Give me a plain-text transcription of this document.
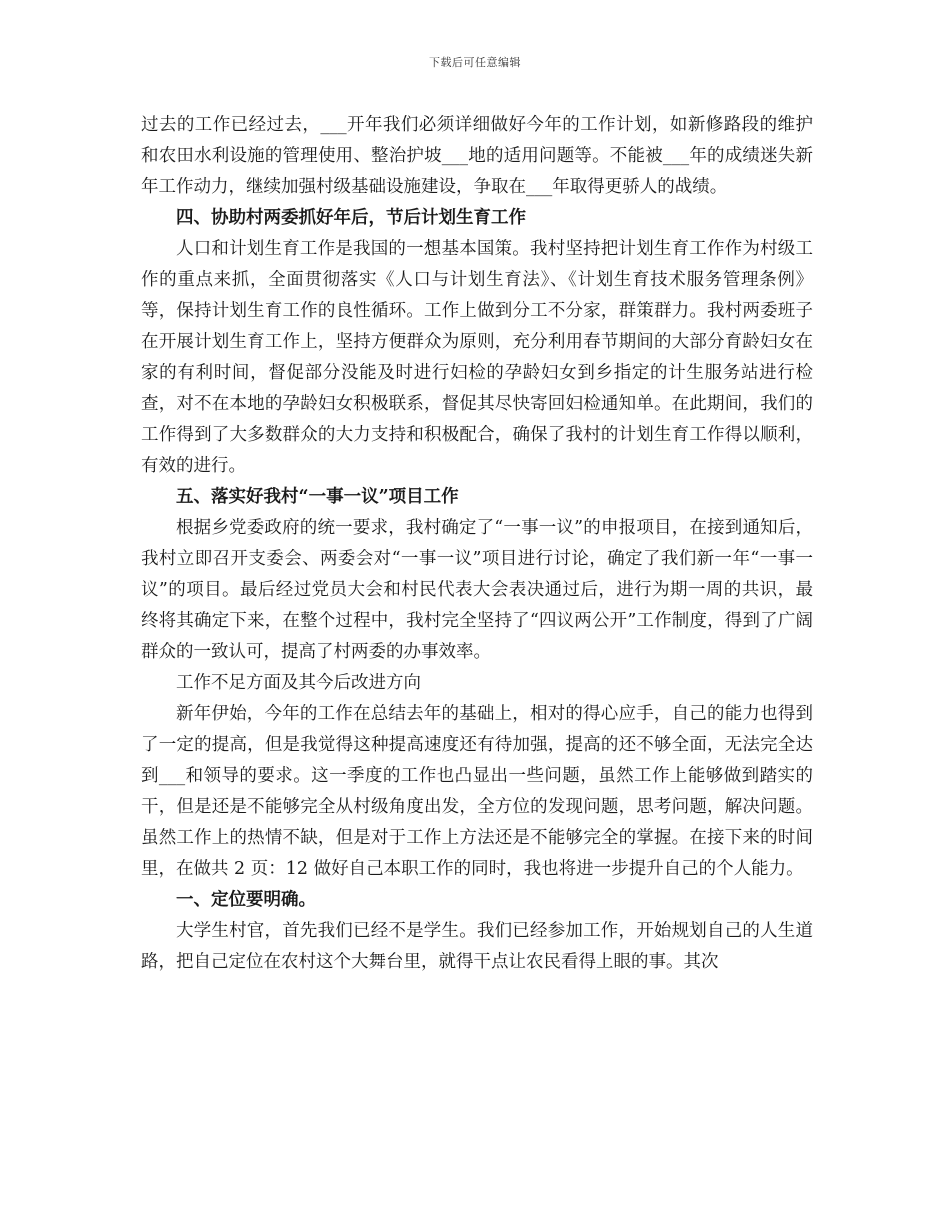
下载后可任意编辑

过去的工作已经过去，___开年我们必须详细做好今年的工作计划，如新修路段的维护和农田水利设施的管理使用、整治护坡___地的适用问题等。不能被___年的成绩迷失新年工作动力，继续加强村级基础设施建设，争取在___年取得更骄人的战绩。

四、协助村两委抓好年后，节后计划生育工作

人口和计划生育工作是我国的一想基本国策。我村坚持把计划生育工作作为村级工作的重点来抓，全面贯彻落实《人口与计划生育法》、《计划生育技术服务管理条例》等，保持计划生育工作的良性循环。工作上做到分工不分家，群策群力。我村两委班子在开展计划生育工作上，坚持方便群众为原则，充分利用春节期间的大部分育龄妇女在家的有利时间，督促部分没能及时进行妇检的孕龄妇女到乡指定的计生服务站进行检查，对不在本地的孕龄妇女积极联系，督促其尽快寄回妇检通知单。在此期间，我们的工作得到了大多数群众的大力支持和积极配合，确保了我村的计划生育工作得以顺利，有效的进行。

五、落实好我村“一事一议”项目工作

根据乡党委政府的统一要求，我村确定了“一事一议”的申报项目，在接到通知后，我村立即召开支委会、两委会对“一事一议”项目进行讨论，确定了我们新一年“一事一议”的项目。最后经过党员大会和村民代表大会表决通过后，进行为期一周的共识，最终将其确定下来，在整个过程中，我村完全坚持了“四议两公开”工作制度，得到了广阔群众的一致认可，提高了村两委的办事效率。

工作不足方面及其今后改进方向

新年伊始，今年的工作在总结去年的基础上，相对的得心应手，自己的能力也得到了一定的提高，但是我觉得这种提高速度还有待加强，提高的还不够全面，无法完全达到___和领导的要求。这一季度的工作也凸显出一些问题，虽然工作上能够做到踏实的干，但是还是不能够完全从村级角度出发，全方位的发现问题，思考问题，解决问题。虽然工作上的热情不缺，但是对于工作上方法还是不能够完全的掌握。在接下来的时间里，在做共 2 页：12 做好自己本职工作的同时，我也将进一步提升自己的个人能力。

一、定位要明确。

大学生村官，首先我们已经不是学生。我们已经参加工作，开始规划自己的人生道路，把自己定位在农村这个大舞台里，就得干点让农民看得上眼的事。其次
